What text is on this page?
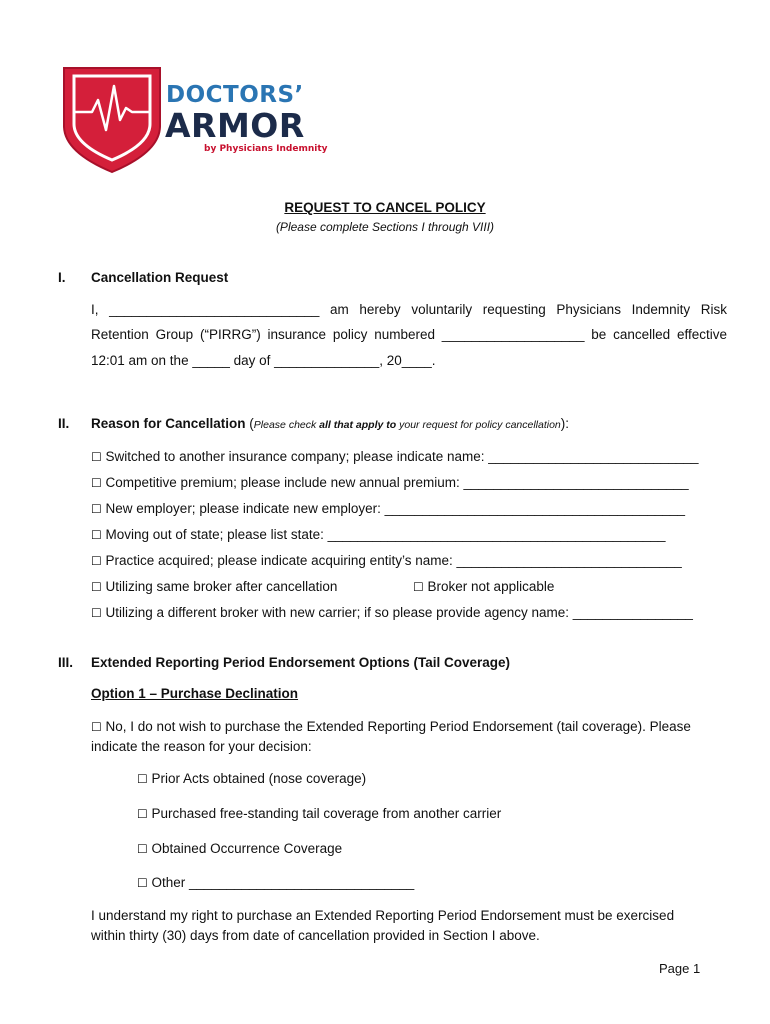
DOCTORS’
ARMOR
by Physicians Indemnity
REQUEST TO CANCEL POLICY
(Please complete Sections I through VIII)
I. Cancellation Request
I, ____________________________ am hereby voluntarily requesting Physicians Indemnity Risk
Retention Group (“PIRRG”) insurance policy numbered ___________________ be cancelled effective
12:01 am on the _____ day of ______________, 20____.
II. Reason for Cancellation (Please check all that apply to your request for policy cancellation):
☐ Switched to another insurance company; please indicate name: ____________________________
☐ Competitive premium; please include new annual premium: ______________________________
☐ New employer; please indicate new employer: ________________________________________
☐ Moving out of state; please list state: _____________________________________________
☐ Practice acquired; please indicate acquiring entity’s name: ______________________________
☐ Utilizing same broker after cancellation	☐ Broker not applicable
☐ Utilizing a different broker with new carrier; if so please provide agency name: ________________
III. Extended Reporting Period Endorsement Options (Tail Coverage)
Option 1 – Purchase Declination
☐ No, I do not wish to purchase the Extended Reporting Period Endorsement (tail coverage). Please
indicate the reason for your decision:
☐ Prior Acts obtained (nose coverage)
☐ Purchased free-standing tail coverage from another carrier
☐ Obtained Occurrence Coverage
☐ Other ______________________________
I understand my right to purchase an Extended Reporting Period Endorsement must be exercised
within thirty (30) days from date of cancellation provided in Section I above.
Page 1
